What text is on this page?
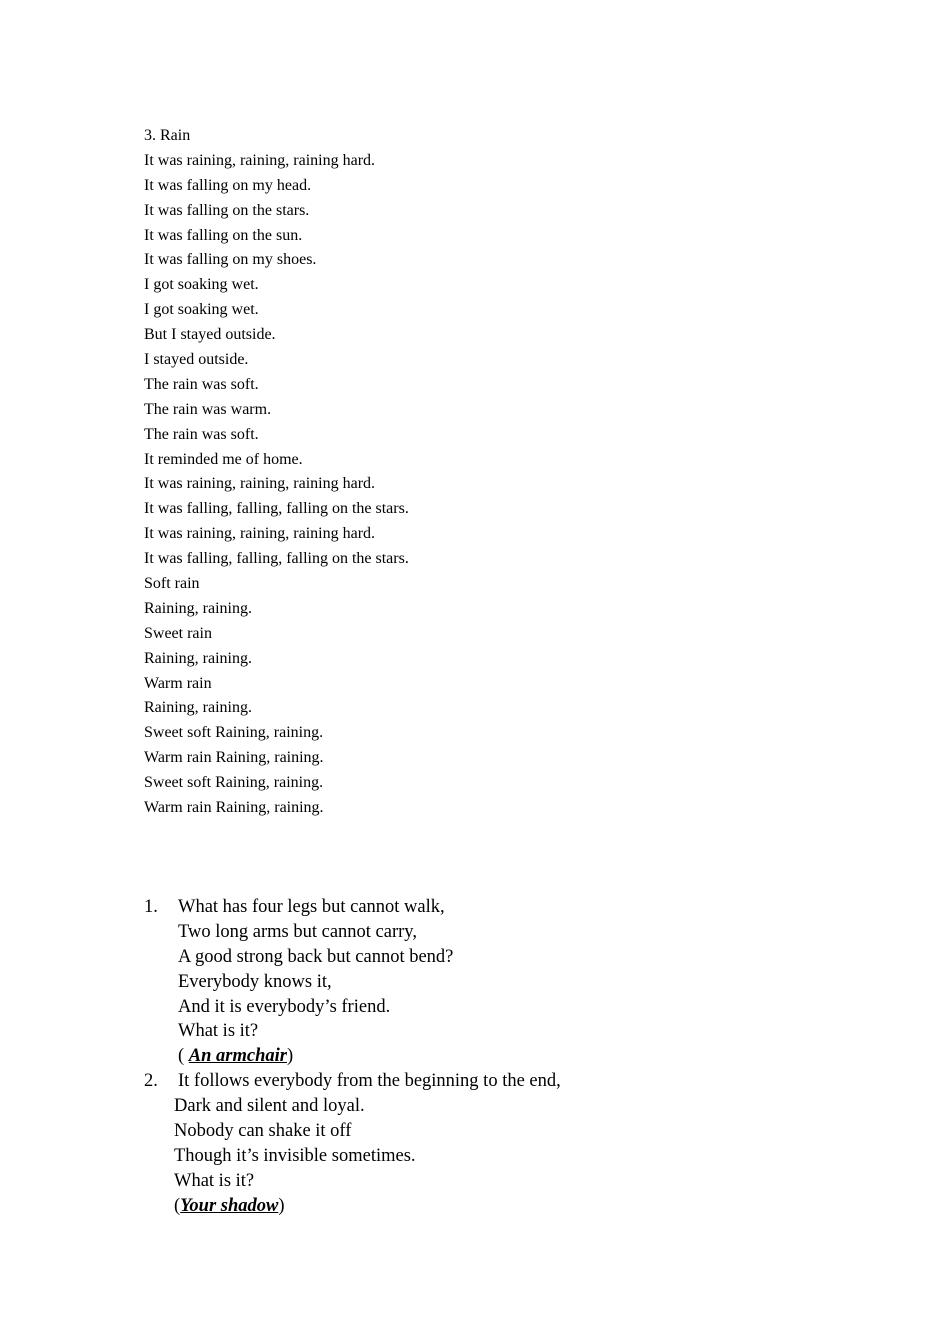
3. Rain
It was raining, raining, raining hard.
It was falling on my head.
It was falling on the stars.
It was falling on the sun.
It was falling on my shoes.
I got soaking wet.
I got soaking wet.
But I stayed outside.
I stayed outside.
The rain was soft.
The rain was warm.
The rain was soft.
It reminded me of home.
It was raining, raining, raining hard.
It was falling, falling, falling on the stars.
It was raining, raining, raining hard.
It was falling, falling, falling on the stars.
Soft rain
Raining, raining.
Sweet rain
Raining, raining.
Warm rain
Raining, raining.
Sweet soft Raining, raining.
Warm rain Raining, raining.
Sweet soft Raining, raining.
Warm rain Raining, raining.
1. What has four legs but cannot walk,
Two long arms but cannot carry,
A good strong back but cannot bend?
Everybody knows it,
And it is everybody’s friend.
What is it?
( An armchair)
2. It follows everybody from the beginning to the end,
Dark and silent and loyal.
Nobody can shake it off
Though it’s invisible sometimes.
What is it?
(Your shadow)
